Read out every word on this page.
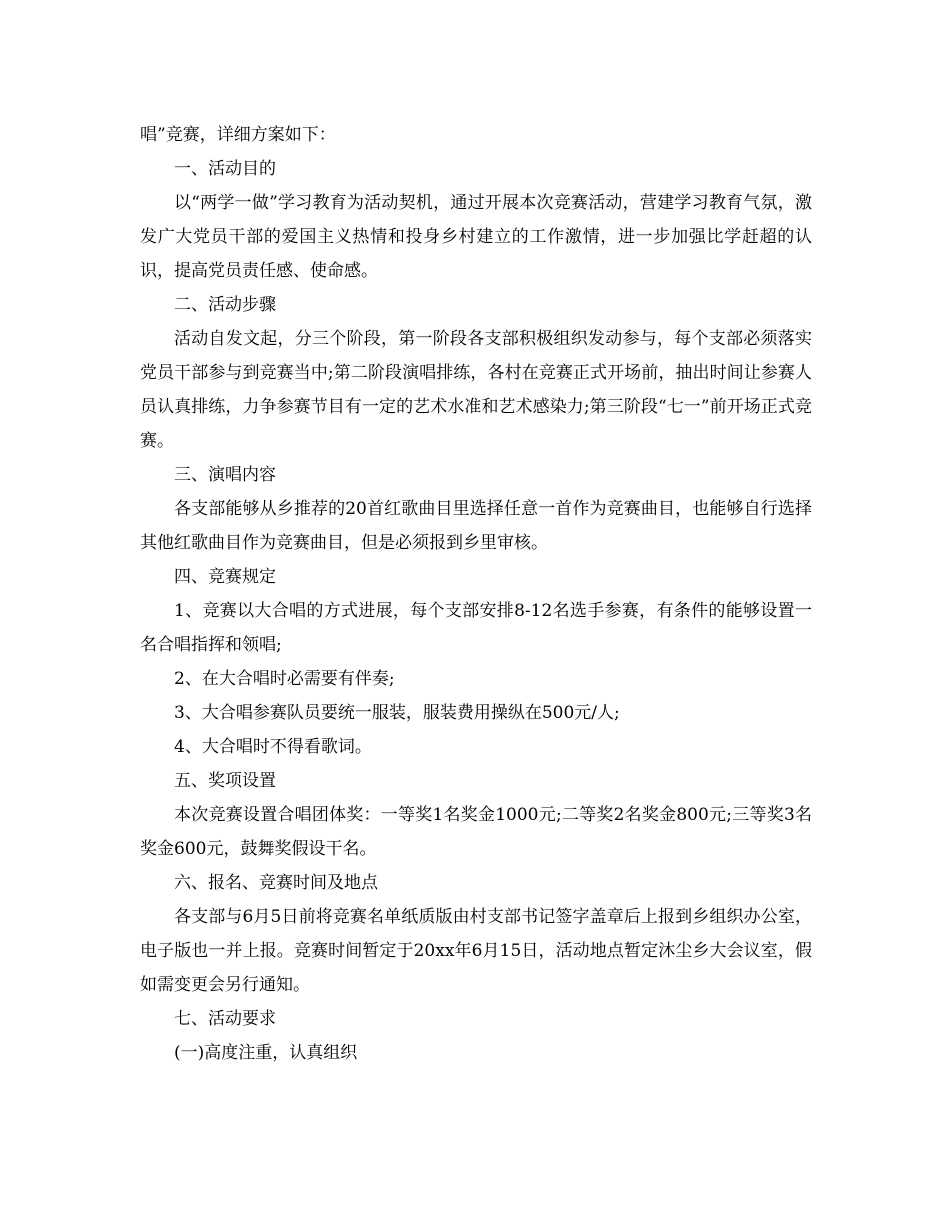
唱”竞赛，详细方案如下：

一、活动目的

以“两学一做”学习教育为活动契机，通过开展本次竞赛活动，营建学习教育气氛，激发广大党员干部的爱国主义热情和投身乡村建立的工作激情，进一步加强比学赶超的认识，提高党员责任感、使命感。

二、活动步骤

活动自发文起，分三个阶段，第一阶段各支部积极组织发动参与，每个支部必须落实党员干部参与到竞赛当中;第二阶段演唱排练，各村在竞赛正式开场前，抽出时间让参赛人员认真排练，力争参赛节目有一定的艺术水准和艺术感染力;第三阶段“七一”前开场正式竞赛。

三、演唱内容

各支部能够从乡推荐的20首红歌曲目里选择任意一首作为竞赛曲目，也能够自行选择其他红歌曲目作为竞赛曲目，但是必须报到乡里审核。

四、竞赛规定

1、竞赛以大合唱的方式进展，每个支部安排8-12名选手参赛，有条件的能够设置一名合唱指挥和领唱;

2、在大合唱时必需要有伴奏;

3、大合唱参赛队员要统一服装，服装费用操纵在500元/人;

4、大合唱时不得看歌词。

五、奖项设置

本次竞赛设置合唱团体奖：一等奖1名奖金1000元;二等奖2名奖金800元;三等奖3名奖金600元，鼓舞奖假设干名。

六、报名、竞赛时间及地点

各支部与6月5日前将竞赛名单纸质版由村支部书记签字盖章后上报到乡组织办公室，电子版也一并上报。竞赛时间暂定于20xx年6月15日，活动地点暂定沐尘乡大会议室，假如需变更会另行通知。

七、活动要求

(一)高度注重，认真组织
